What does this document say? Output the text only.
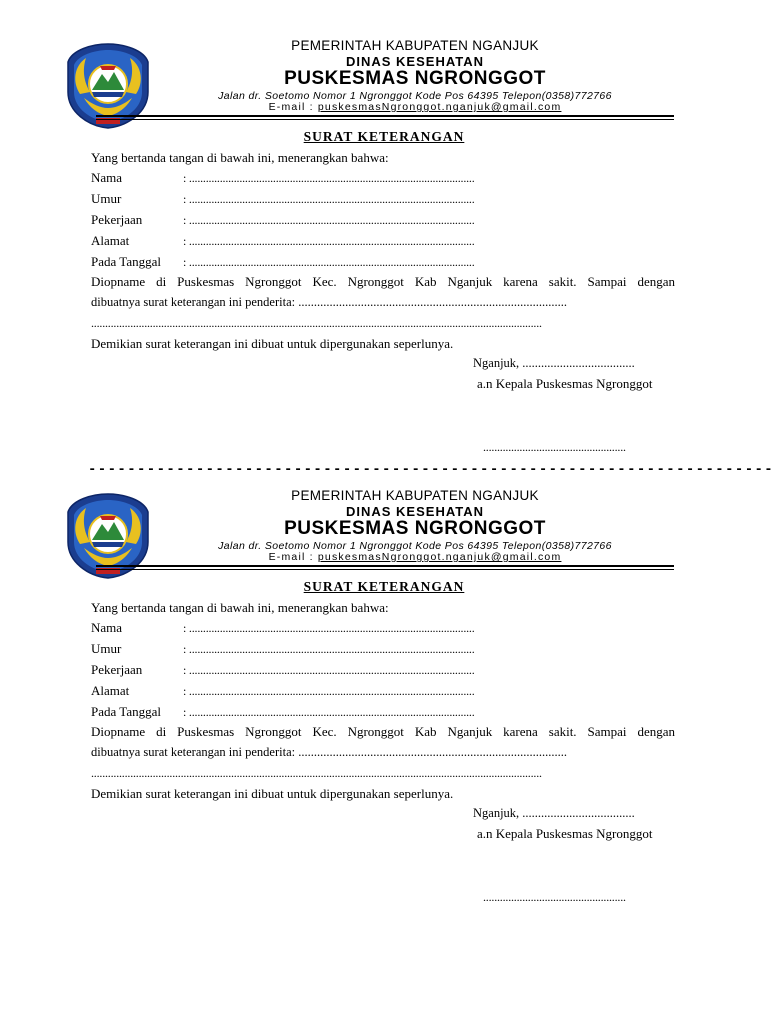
PEMERINTAH KABUPATEN NGANJUK
DINAS KESEHATAN
PUSKESMAS NGRONGGOT
Jalan dr. Soetomo Nomor 1 Ngronggot Kode Pos 64395 Telepon(0358)772766
E-mail : puskesmasNgronggot.nganjuk@gmail.com
SURAT KETERANGAN
Yang bertanda tangan di bawah ini, menerangkan bahwa:
Nama	: ......................................................................................................
Umur	: ......................................................................................................
Pekerjaan	: ......................................................................................................
Alamat	: ......................................................................................................
Pada Tanggal : ......................................................................................................
Diopname di Puskesmas Ngronggot Kec. Ngronggot Kab Nganjuk karena sakit. Sampai dengan
dibuatnya surat keterangan ini penderita: ......................................................................................
.................................................................................................................................................................
Demikian surat keterangan ini dibuat untuk dipergunakan seperlunya.
Nganjuk, ....................................
a.n Kepala Puskesmas Ngronggot
...................................................
----------------------------------------------------------------------
PEMERINTAH KABUPATEN NGANJUK
DINAS KESEHATAN
PUSKESMAS NGRONGGOT
Jalan dr. Soetomo Nomor 1 Ngronggot Kode Pos 64395 Telepon(0358)772766
E-mail : puskesmasNgronggot.nganjuk@gmail.com
SURAT KETERANGAN
Yang bertanda tangan di bawah ini, menerangkan bahwa:
Nama	: ......................................................................................................
Umur	: ......................................................................................................
Pekerjaan	: ......................................................................................................
Alamat	: ......................................................................................................
Pada Tanggal : ......................................................................................................
Diopname di Puskesmas Ngronggot Kec. Ngronggot Kab Nganjuk karena sakit. Sampai dengan
dibuatnya surat keterangan ini penderita: ......................................................................................
.................................................................................................................................................................
Demikian surat keterangan ini dibuat untuk dipergunakan seperlunya.
Nganjuk, ....................................
a.n Kepala Puskesmas Ngronggot
...................................................
